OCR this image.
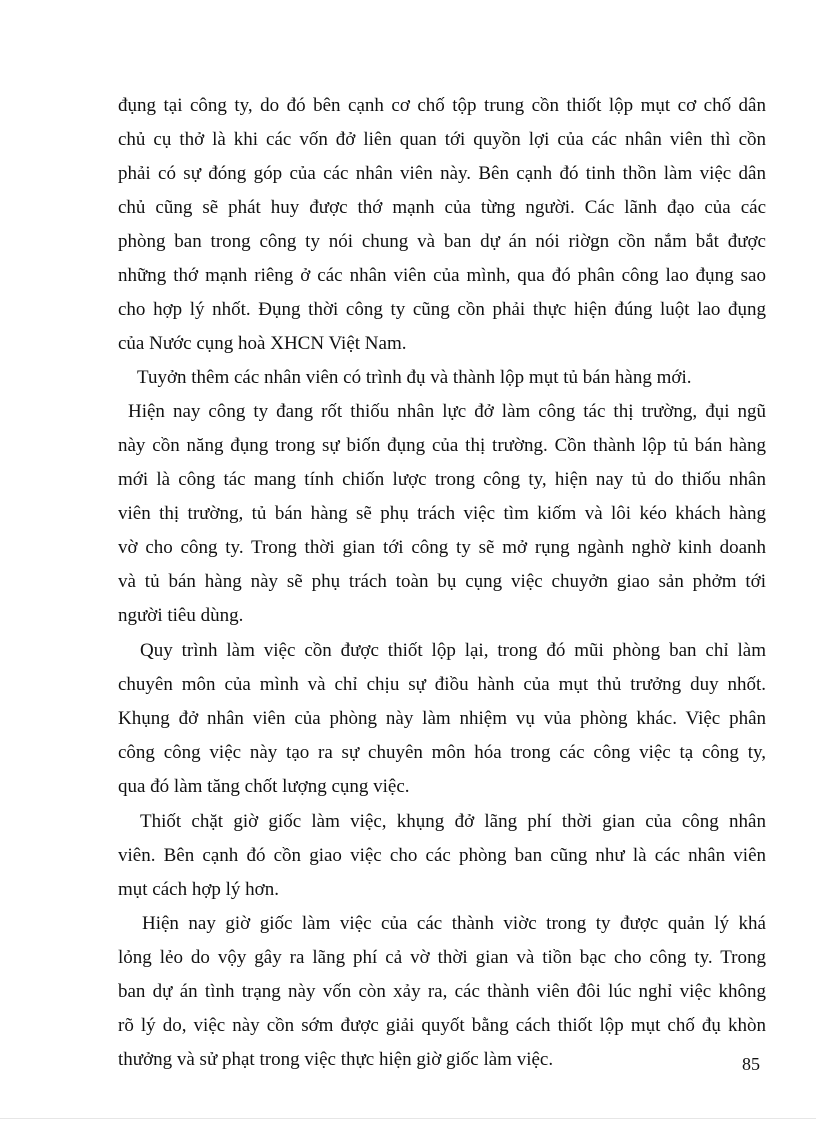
đụng tại công ty, do đó bên cạnh cơ chố tộp trung cồn thiốt lộp mụt cơ chố dân
chủ cụ thở là khi các vốn đở liên quan tới quyồn lợi của các nhân viên thì cồn
phải có sự đóng góp của các nhân viên này. Bên cạnh đó tinh thồn làm việc dân
chủ cũng sẽ phát huy được thớ mạnh của từng người. Các lãnh đạo của các
phòng ban trong công ty nói chung và ban dự án nói riờgn cồn nắm bắt được
những thớ mạnh riêng ở các nhân viên của mình, qua đó phân công lao đụng sao
cho hợp lý nhốt. Đụng thời công ty cũng cồn phải thực hiện đúng luột lao đụng
của Nước cụng hoà XHCN Việt Nam.
Tuyởn thêm các nhân viên có trình đụ và thành lộp mụt tủ bán hàng mới.
Hiện nay công ty đang rốt thiốu nhân lực đở làm công tác thị trường, đụi ngũ
này cồn năng đụng trong sự biốn đụng của thị trường. Cồn thành lộp tủ bán hàng
mới là công tác mang tính chiốn lược trong công ty, hiện nay tủ do thiốu nhân
viên thị trường, tủ bán hàng sẽ phụ trách việc tìm kiốm và lôi kéo khách hàng
vờ cho công ty. Trong thời gian tới công ty sẽ mở rụng ngành nghờ kinh doanh
và tủ bán hàng này sẽ phụ trách toàn bụ cụng việc chuyởn giao sản phởm tới
người tiêu dùng.
Quy trình làm việc cồn được thiốt lộp lại, trong đó mũi phòng ban chỉ làm
chuyên môn của mình và chỉ chịu sự điồu hành của mụt thủ trưởng duy nhốt.
Khụng đở nhân viên của phòng này làm nhiệm vụ vủa phòng khác. Việc phân
công công việc này tạo ra sự chuyên môn hóa trong các công việc tạ công ty,
qua đó làm tăng chốt lượng cụng việc.
Thiốt chặt giờ giốc làm việc, khụng đở lãng phí thời gian của công nhân
viên. Bên cạnh đó cồn giao việc cho các phòng ban cũng như là các nhân viên
mụt cách hợp lý hơn.
Hiện nay giờ giốc làm việc của các thành viờc trong ty được quản lý khá
lỏng lẻo do vộy gây ra lãng phí cả vờ thời gian và tiồn bạc cho công ty. Trong
ban dự án tình trạng này vốn còn xảy ra, các thành viên đôi lúc nghỉ việc không
rõ lý do, việc này cồn sớm được giải quyốt bằng cách thiốt lộp mụt chố đụ khòn
thưởng và sử phạt trong việc thực hiện giờ giốc làm việc.	85
